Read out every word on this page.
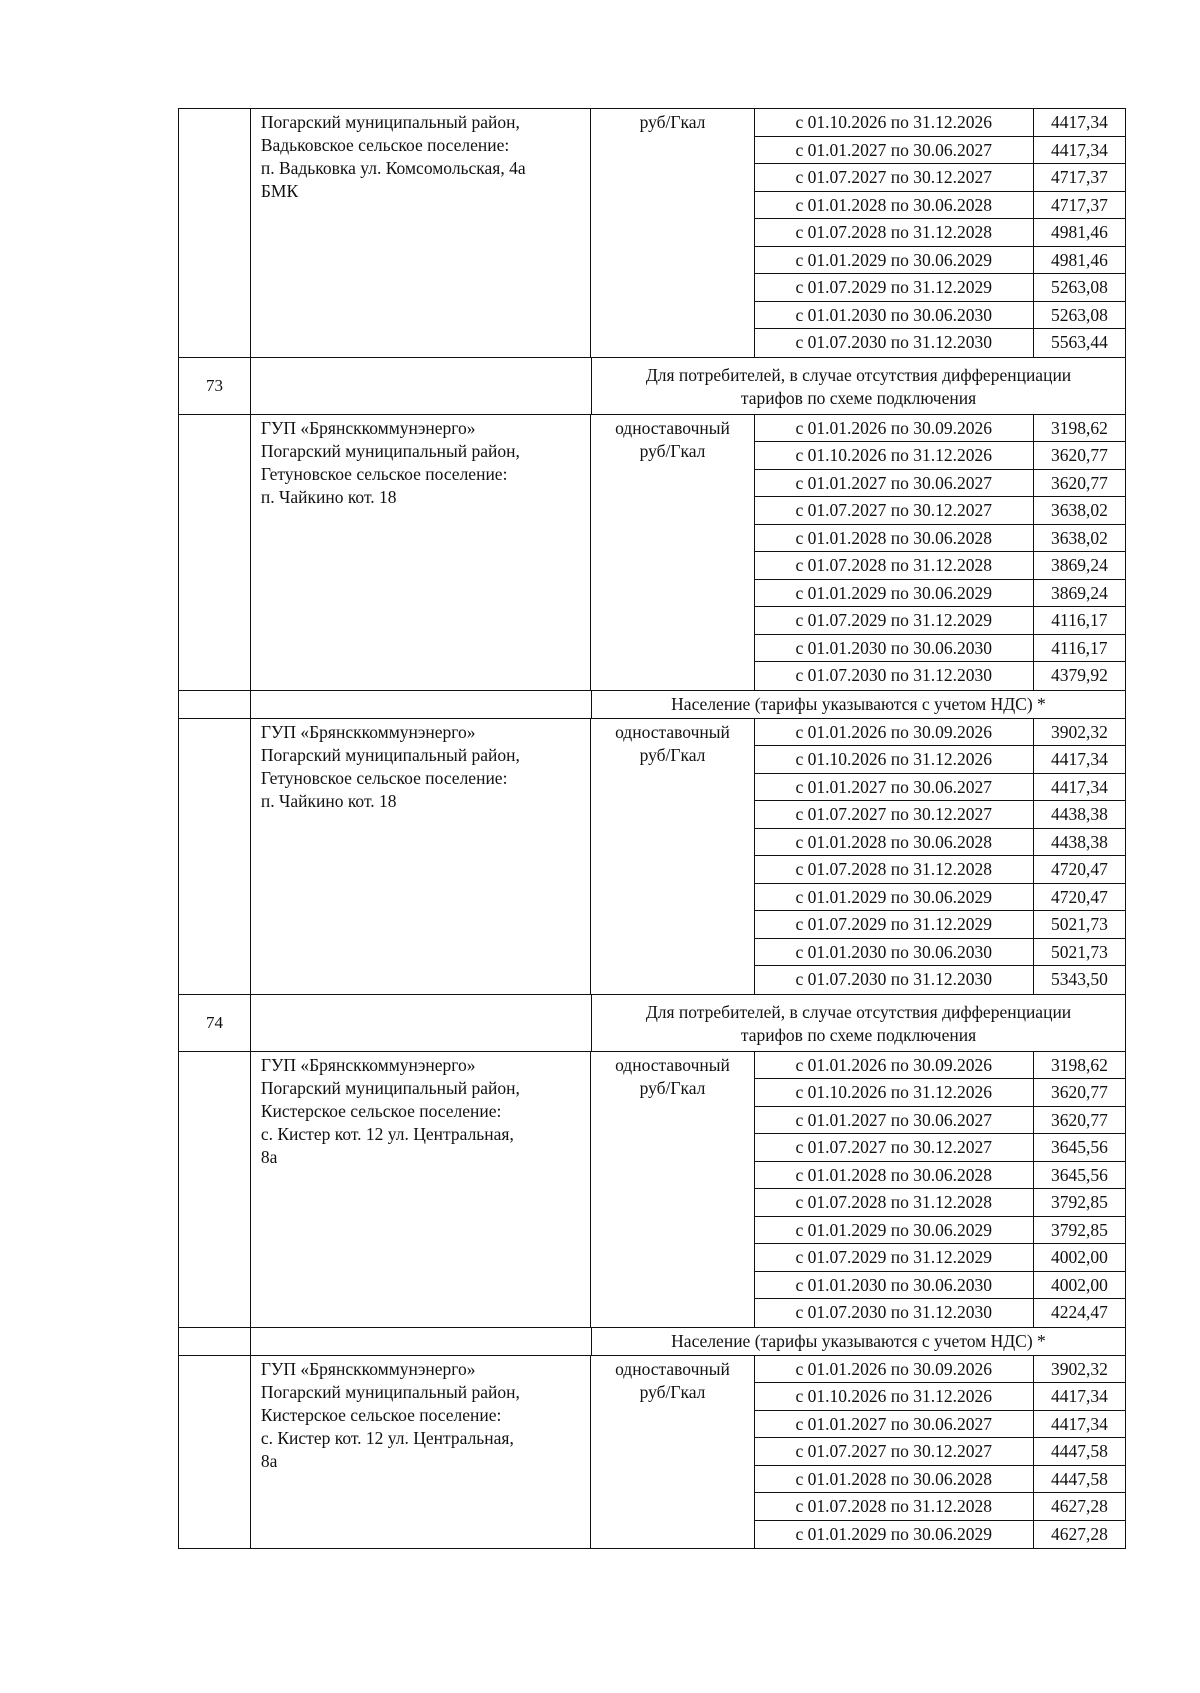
Погарский муниципальный район,
Вадьковское сельское поселение:
п. Вадьковка ул. Комсомольская, 4а
БМК
руб/Гкал	с 01.10.2026 по 31.12.2026	4417,34
с 01.01.2027 по 30.06.2027	4417,34
с 01.07.2027 по 30.12.2027	4717,37
с 01.01.2028 по 30.06.2028	4717,37
с 01.07.2028 по 31.12.2028	4981,46
с 01.01.2029 по 30.06.2029	4981,46
с 01.07.2029 по 31.12.2029	5263,08
с 01.01.2030 по 30.06.2030	5263,08
с 01.07.2030 по 31.12.2030	5563,44
73
Для потребителей, в случае отсутствия дифференциации
тарифов по схеме подключения
ГУП «Брянсккоммунэнерго»
Погарский муниципальный район,
Гетуновское сельское поселение:
п. Чайкино кот. 18
одноставочный
руб/Гкал
с 01.01.2026 по 30.09.2026	3198,62
с 01.10.2026 по 31.12.2026	3620,77
с 01.01.2027 по 30.06.2027	3620,77
с 01.07.2027 по 30.12.2027	3638,02
с 01.01.2028 по 30.06.2028	3638,02
с 01.07.2028 по 31.12.2028	3869,24
с 01.01.2029 по 30.06.2029	3869,24
с 01.07.2029 по 31.12.2029	4116,17
с 01.01.2030 по 30.06.2030	4116,17
с 01.07.2030 по 31.12.2030	4379,92
Население (тарифы указываются с учетом НДС) *
ГУП «Брянсккоммунэнерго»
Погарский муниципальный район,
Гетуновское сельское поселение:
п. Чайкино кот. 18
одноставочный
руб/Гкал
с 01.01.2026 по 30.09.2026	3902,32
с 01.10.2026 по 31.12.2026	4417,34
с 01.01.2027 по 30.06.2027	4417,34
с 01.07.2027 по 30.12.2027	4438,38
с 01.01.2028 по 30.06.2028	4438,38
с 01.07.2028 по 31.12.2028	4720,47
с 01.01.2029 по 30.06.2029	4720,47
с 01.07.2029 по 31.12.2029	5021,73
с 01.01.2030 по 30.06.2030	5021,73
с 01.07.2030 по 31.12.2030	5343,50
74
Для потребителей, в случае отсутствия дифференциации
тарифов по схеме подключения
ГУП «Брянсккоммунэнерго»
Погарский муниципальный район,
Кистерское сельское поселение:
с. Кистер кот. 12 ул. Центральная,
8а
одноставочный
руб/Гкал
с 01.01.2026 по 30.09.2026	3198,62
с 01.10.2026 по 31.12.2026	3620,77
с 01.01.2027 по 30.06.2027	3620,77
с 01.07.2027 по 30.12.2027	3645,56
с 01.01.2028 по 30.06.2028	3645,56
с 01.07.2028 по 31.12.2028	3792,85
с 01.01.2029 по 30.06.2029	3792,85
с 01.07.2029 по 31.12.2029	4002,00
с 01.01.2030 по 30.06.2030	4002,00
с 01.07.2030 по 31.12.2030	4224,47
Население (тарифы указываются с учетом НДС) *
ГУП «Брянсккоммунэнерго»
Погарский муниципальный район,
Кистерское сельское поселение:
с. Кистер кот. 12 ул. Центральная,
8а
одноставочный
руб/Гкал
с 01.01.2026 по 30.09.2026	3902,32
с 01.10.2026 по 31.12.2026	4417,34
с 01.01.2027 по 30.06.2027	4417,34
с 01.07.2027 по 30.12.2027	4447,58
с 01.01.2028 по 30.06.2028	4447,58
с 01.07.2028 по 31.12.2028	4627,28
с 01.01.2029 по 30.06.2029	4627,28
